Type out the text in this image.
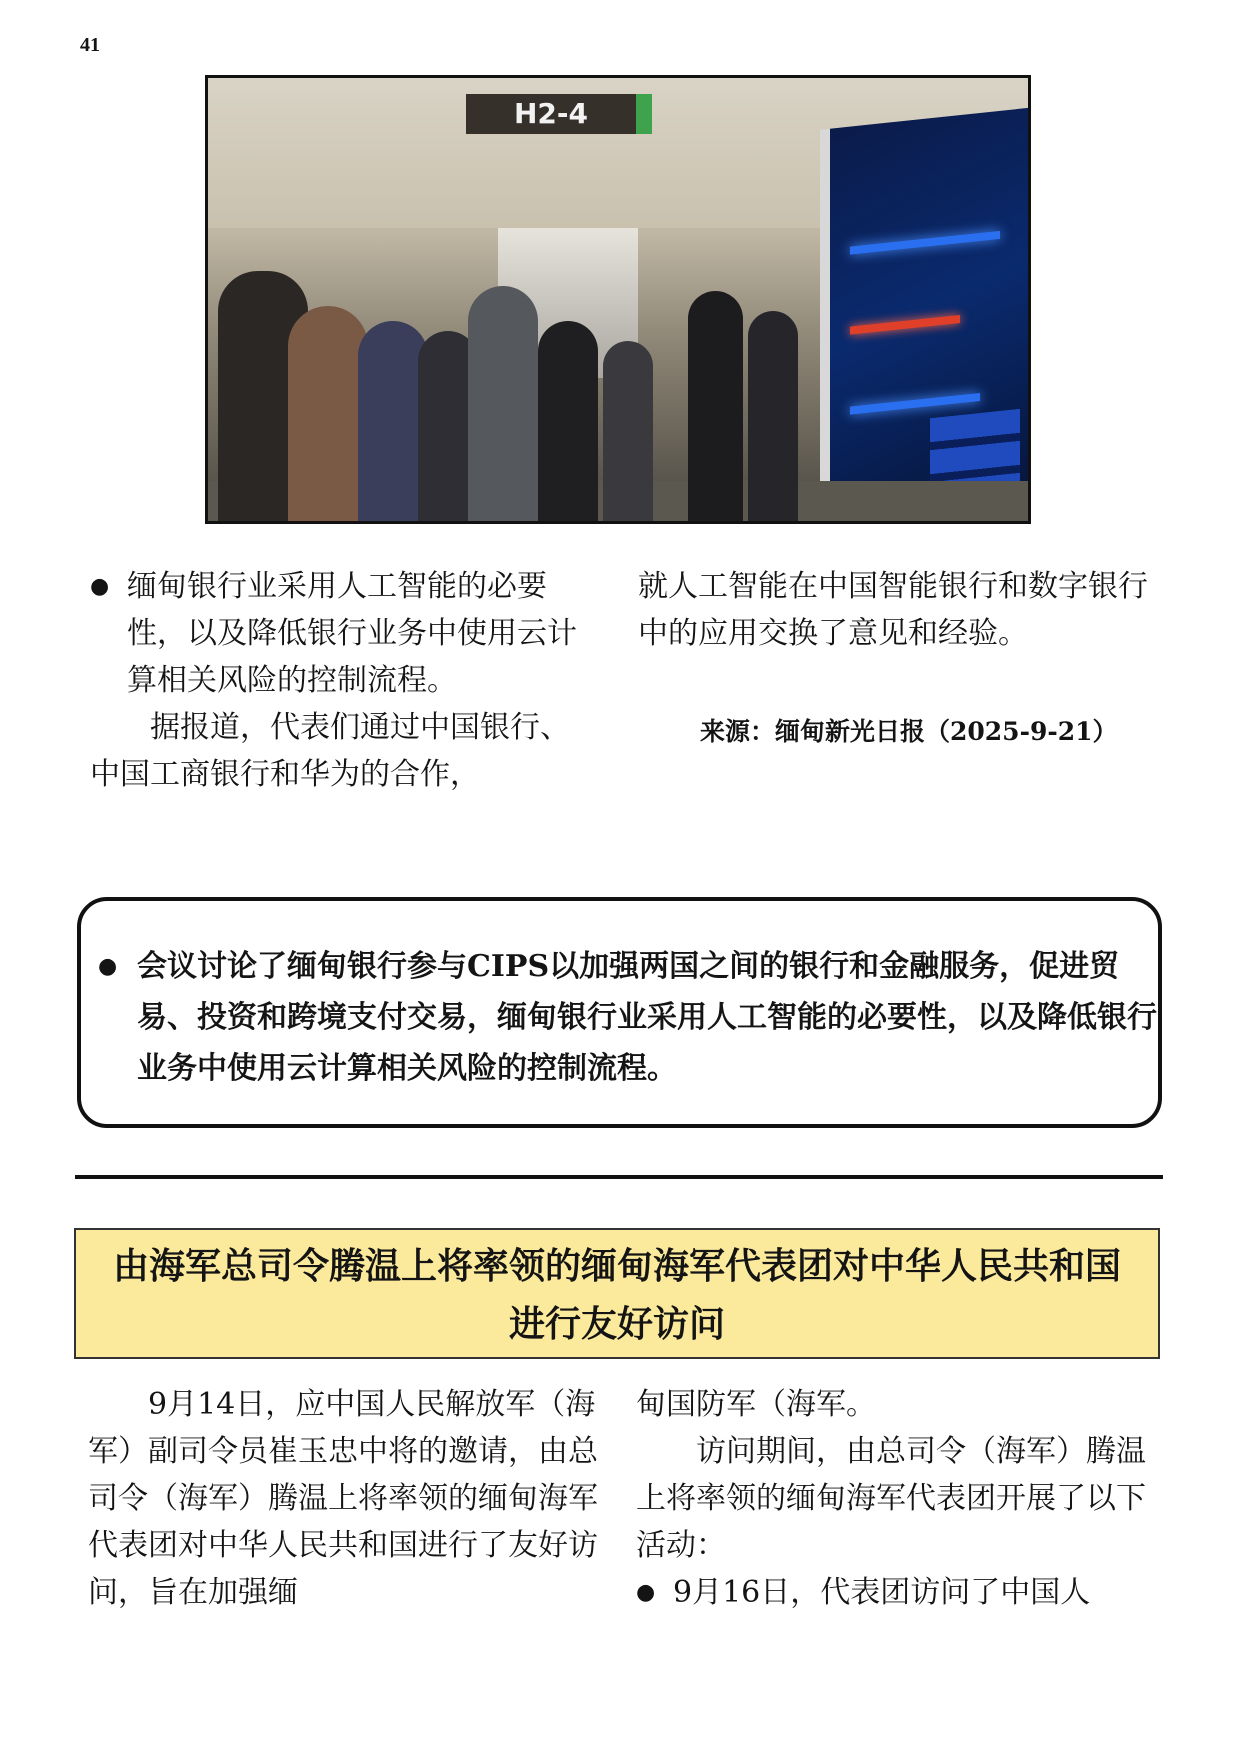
41
H2-4
● 缅甸银行业采用人工智能的必要性，以及降低银行业务中使用云计算相关风险的控制流程。

据报道，代表们通过中国银行、中国工商银行和华为的合作，

就人工智能在中国智能银行和数字银行中的应用交换了意见和经验。

来源：缅甸新光日报（2025-9-21）
● 会议讨论了缅甸银行参与CIPS以加强两国之间的银行和金融服务，促进贸易、投资和跨境支付交易，缅甸银行业采用人工智能的必要性，以及降低银行业务中使用云计算相关风险的控制流程。

由海军总司令腾温上将率领的缅甸海军代表团对中华人民共和国
进行友好访问

9月14日，应中国人民解放军（海军）副司令员崔玉忠中将的邀请，由总司令（海军）腾温上将率领的缅甸海军代表团对中华人民共和国进行了友好访问，旨在加强缅

甸国防军（海军。

访问期间，由总司令（海军）腾温上将率领的缅甸海军代表团开展了以下活动：

● 9月16日，代表团访问了中国人
